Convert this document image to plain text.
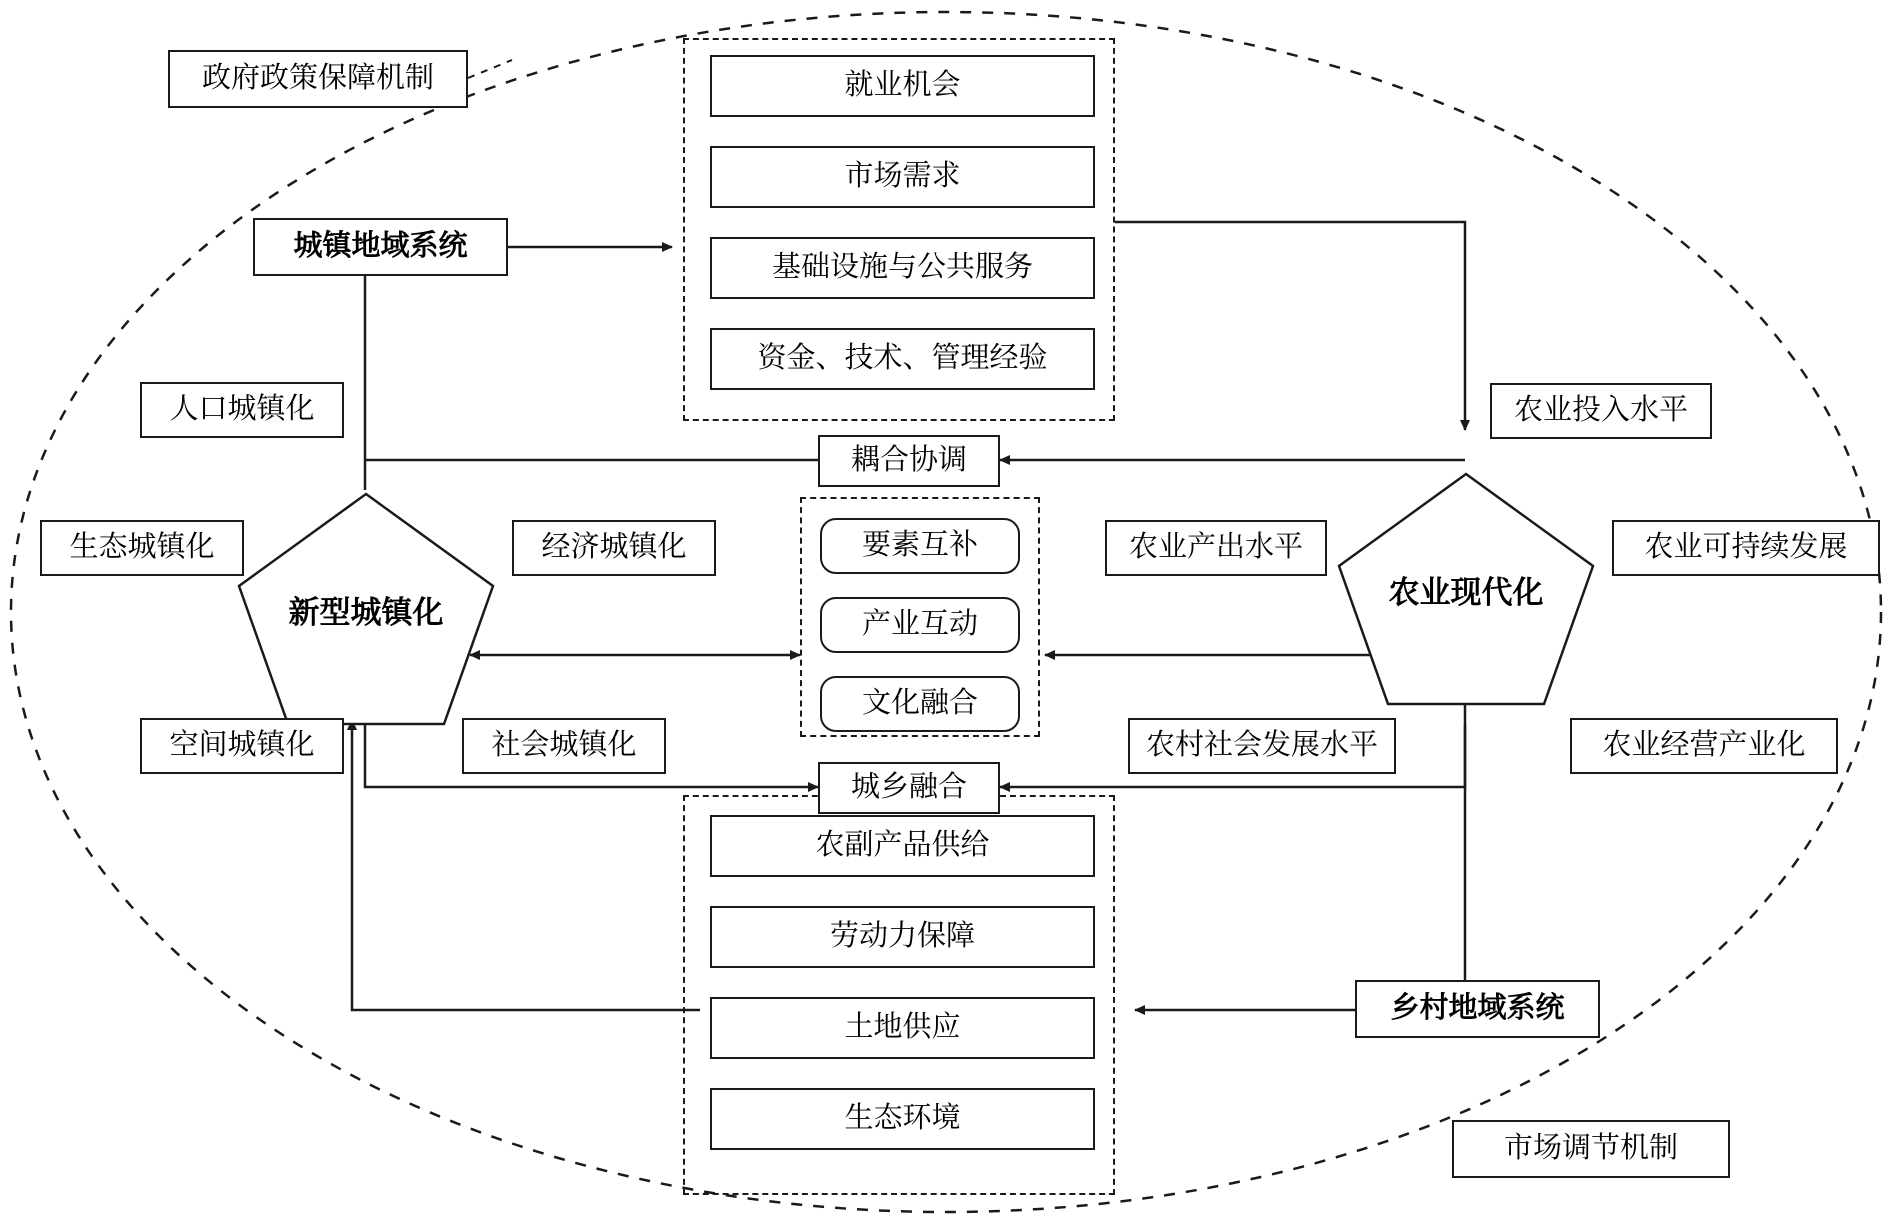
政府政策保障机制
市场调节机制
城镇地域系统
乡村地域系统
就业机会
市场需求
基础设施与公共服务
资金、技术、管理经验
农副产品供给
劳动力保障
土地供应
生态环境
耦合协调
要素互补
产业互动
文化融合
城乡融合
新型城镇化
农业现代化
人口城镇化
生态城镇化	经济城镇化
空间城镇化	社会城镇化
农业投入水平
农业产出水平	农业可持续发展
农村社会发展水平	农业经营产业化
